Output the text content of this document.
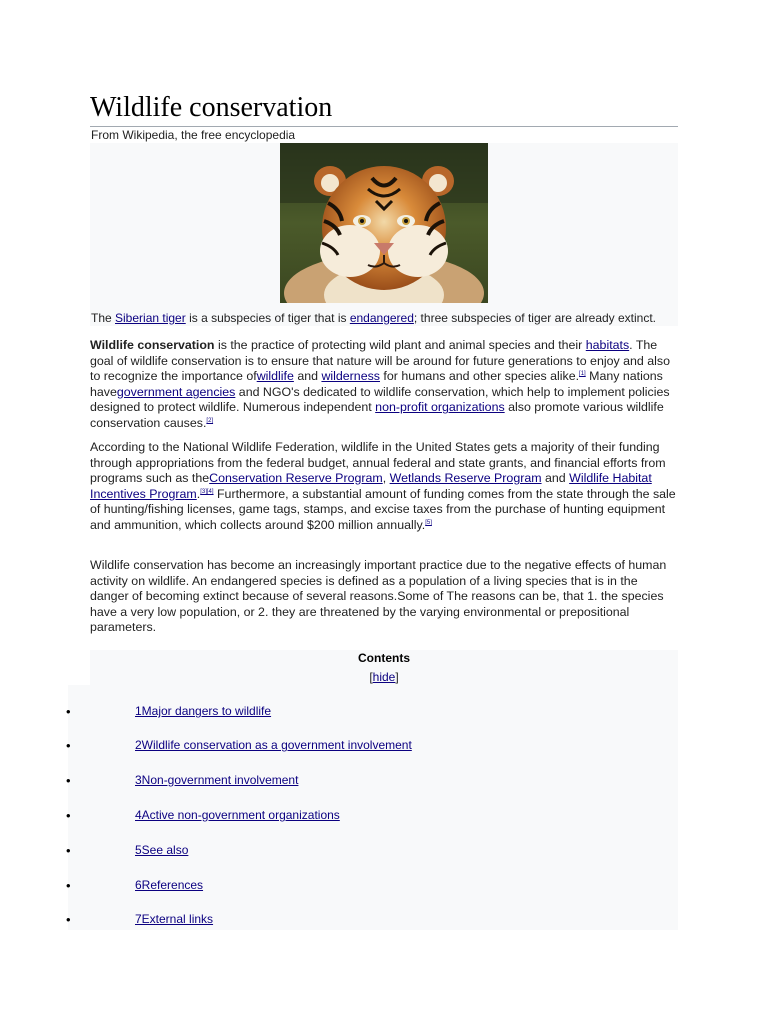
Wildlife conservation
From Wikipedia, the free encyclopedia
The Siberian tiger is a subspecies of tiger that is endangered; three subspecies of tiger are already extinct.
Wildlife conservation is the practice of protecting wild plant and animal species and their habitats. The goal of wildlife conservation is to ensure that nature will be around for future generations to enjoy and also to recognize the importance ofwildlife and wilderness for humans and other species alike.[1] Many nations havegovernment agencies and NGO's dedicated to wildlife conservation, which help to implement policies designed to protect wildlife. Numerous independent non-profit organizations also promote various wildlife conservation causes.[2]
According to the National Wildlife Federation, wildlife in the United States gets a majority of their funding through appropriations from the federal budget, annual federal and state grants, and financial efforts from programs such as theConservation Reserve Program, Wetlands Reserve Program and Wildlife Habitat Incentives Program.[3][4] Furthermore, a substantial amount of funding comes from the state through the sale of hunting/fishing licenses, game tags, stamps, and excise taxes from the purchase of hunting equipment and ammunition, which collects around $200 million annually.[5]
Wildlife conservation has become an increasingly important practice due to the negative effects of human activity on wildlife. An endangered species is defined as a population of a living species that is in the danger of becoming extinct because of several reasons.Some of The reasons can be, that 1. the species have a very low population, or 2. they are threatened by the varying environmental or prepositional parameters.
Contents
[hide]
•	1Major dangers to wildlife
•	2Wildlife conservation as a government involvement
•	3Non-government involvement
•	4Active non-government organizations
•	5See also
•	6References
•	7External links
